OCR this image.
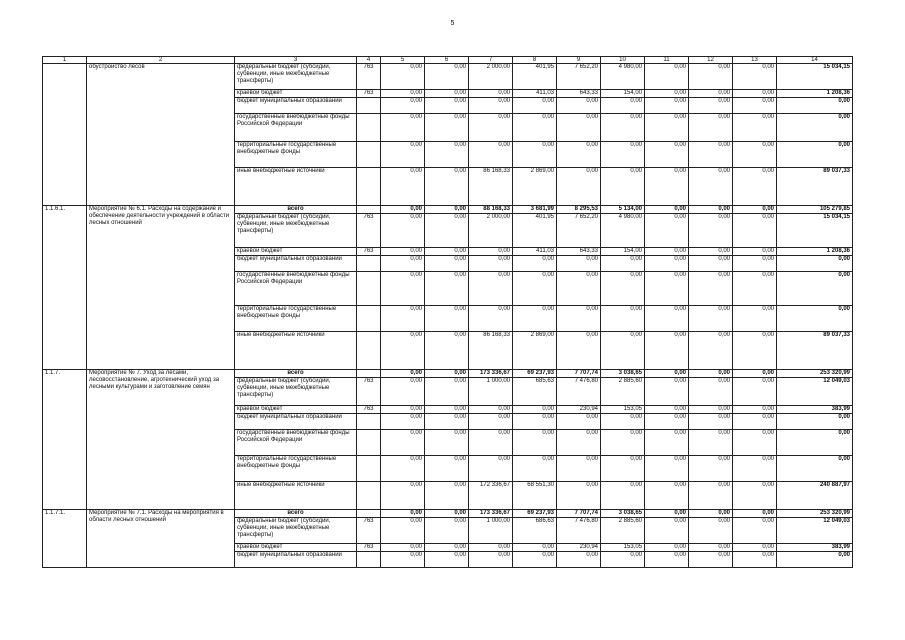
5
1	2	3	4	5	6	7	8	9	10	11	12	13	14
	обустройство лесов	федеральный бюджет (субсидии, субвенции, иные межбюджетные трансферты)	763	0,00	0,00	2 000,00	401,95	7 652,20	4 980,00	0,00	0,00	0,00	15 034,15
		краевой бюджет	763	0,00	0,00	0,00	411,03	643,33	154,00	0,00	0,00	0,00	1 208,36
		бюджет муниципальных образований		0,00	0,00	0,00	0,00	0,00	0,00	0,00	0,00	0,00	0,00
		государственные внебюджетные фонды Российской Федерации		0,00	0,00	0,00	0,00	0,00	0,00	0,00	0,00	0,00	0,00
		территориальные государственные внебюджетные фонды		0,00	0,00	0,00	0,00	0,00	0,00	0,00	0,00	0,00	0,00
		иные внебюджетные источники		0,00	0,00	86 168,33	2 869,00	0,00	0,00	0,00	0,00	0,00	89 037,33
1.1.6.1.	Мероприятие № 6.1. Расходы на содержание и обеспечение деятельности учреждений в области лесных отношений	всего		0,00	0,00	88 168,33	3 681,99	8 295,53	5 134,00	0,00	0,00	0,00	105 279,85
		федеральный бюджет (субсидии, субвенции, иные межбюджетные трансферты)	763	0,00	0,00	2 000,00	401,95	7 652,20	4 980,00	0,00	0,00	0,00	15 034,15
		краевой бюджет	763	0,00	0,00	0,00	411,03	643,33	154,00	0,00	0,00	0,00	1 208,36
		бюджет муниципальных образований		0,00	0,00	0,00	0,00	0,00	0,00	0,00	0,00	0,00	0,00
		государственные внебюджетные фонды Российской Федерации		0,00	0,00	0,00	0,00	0,00	0,00	0,00	0,00	0,00	0,00
		территориальные государственные внебюджетные фонды		0,00	0,00	0,00	0,00	0,00	0,00	0,00	0,00	0,00	0,00
		иные внебюджетные источники		0,00	0,00	86 168,33	2 869,00	0,00	0,00	0,00	0,00	0,00	89 037,33
1.1.7.	Мероприятие № 7. Уход за лесами, лесовосстановление, агротехнический уход за лесными культурами и заготовление семян	всего		0,00	0,00	173 336,67	69 237,93	7 707,74	3 038,65	0,00	0,00	0,00	253 320,99
		федеральный бюджет (субсидии, субвенции, иные межбюджетные трансферты)	763	0,00	0,00	1 000,00	685,63	7 476,80	2 885,60	0,00	0,00	0,00	12 049,03
		краевой бюджет	763	0,00	0,00	0,00	0,00	230,94	153,05	0,00	0,00	0,00	383,99
		бюджет муниципальных образований		0,00	0,00	0,00	0,00	0,00	0,00	0,00	0,00	0,00	0,00
		государственные внебюджетные фонды Российской Федерации		0,00	0,00	0,00	0,00	0,00	0,00	0,00	0,00	0,00	0,00
		территориальные государственные внебюджетные фонды		0,00	0,00	0,00	0,00	0,00	0,00	0,00	0,00	0,00	0,00
		иные внебюджетные источники		0,00	0,00	172 336,67	68 551,30	0,00	0,00	0,00	0,00	0,00	240 887,97
1.1.7.1.	Мероприятие № 7.1. Расходы на мероприятия в области лесных отношений	всего		0,00	0,00	173 336,67	69 237,93	7 707,74	3 038,65	0,00	0,00	0,00	253 320,99
		федеральный бюджет (субсидии, субвенции, иные межбюджетные трансферты)	763	0,00	0,00	1 000,00	686,63	7 476,80	2 885,60	0,00	0,00	0,00	12 049,03
		краевой бюджет	763	0,00	0,00	0,00	0,00	230,94	153,05	0,00	0,00	0,00	383,99
		бюджет муниципальных образований		0,00	0,00	0,00	0,00	0,00	0,00	0,00	0,00	0,00	0,00
